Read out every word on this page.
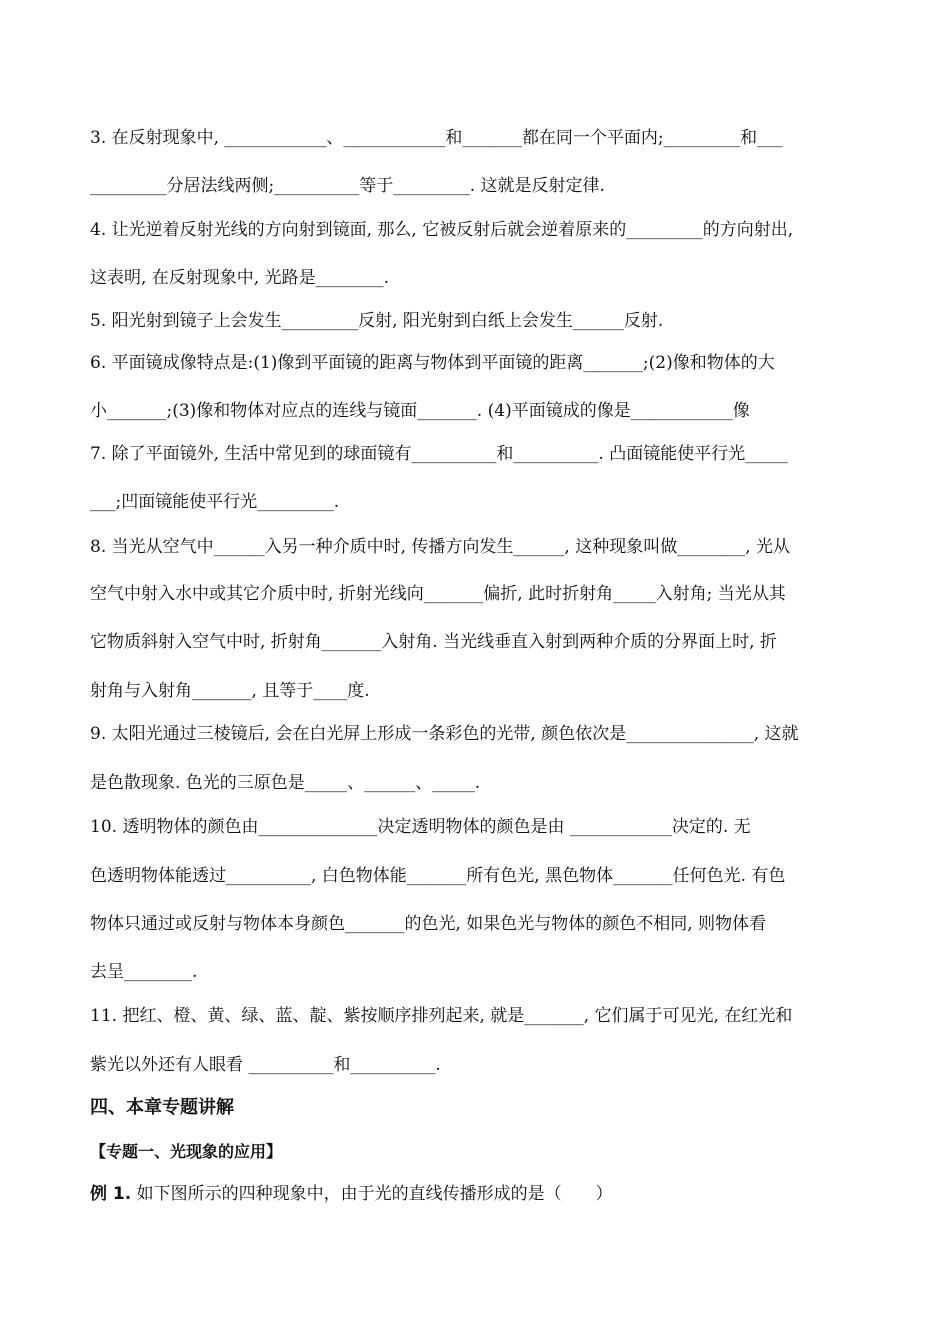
3. 在反射现象中, ____________、____________和_______都在同一个平面内;_________和___
_________分居法线两侧;__________等于_________. 这就是反射定律.
4. 让光逆着反射光线的方向射到镜面, 那么, 它被反射后就会逆着原来的_________的方向射出,
这表明, 在反射现象中, 光路是________.
5. 阳光射到镜子上会发生_________反射, 阳光射到白纸上会发生______反射.
6. 平面镜成像特点是:(1)像到平面镜的距离与物体到平面镜的距离_______;(2)像和物体的大
小_______;(3)像和物体对应点的连线与镜面_______. (4)平面镜成的像是____________像
7. 除了平面镜外, 生活中常见到的球面镜有__________和__________. 凸面镜能使平行光_____
___;凹面镜能使平行光_________.
8. 当光从空气中______入另一种介质中时, 传播方向发生______, 这种现象叫做________, 光从
空气中射入水中或其它介质中时, 折射光线向_______偏折, 此时折射角_____入射角; 当光从其
它物质斜射入空气中时, 折射角_______入射角. 当光线垂直入射到两种介质的分界面上时, 折
射角与入射角_______, 且等于____度.
9. 太阳光通过三棱镜后, 会在白光屏上形成一条彩色的光带, 颜色依次是_______________, 这就
是色散现象. 色光的三原色是_____、______、_____.
10. 透明物体的颜色由______________决定透明物体的颜色是由 ____________决定的. 无
色透明物体能透过__________, 白色物体能_______所有色光, 黑色物体_______任何色光. 有色
物体只通过或反射与物体本身颜色_______的色光, 如果色光与物体的颜色不相同, 则物体看
去呈________.
11. 把红、橙、黄、绿、蓝、靛、紫按顺序排列起来, 就是_______, 它们属于可见光, 在红光和
紫光以外还有人眼看 __________和__________.
四、本章专题讲解
【专题一、光现象的应用】
例 1. 如下图所示的四种现象中，由于光的直线传播形成的是（　　）
